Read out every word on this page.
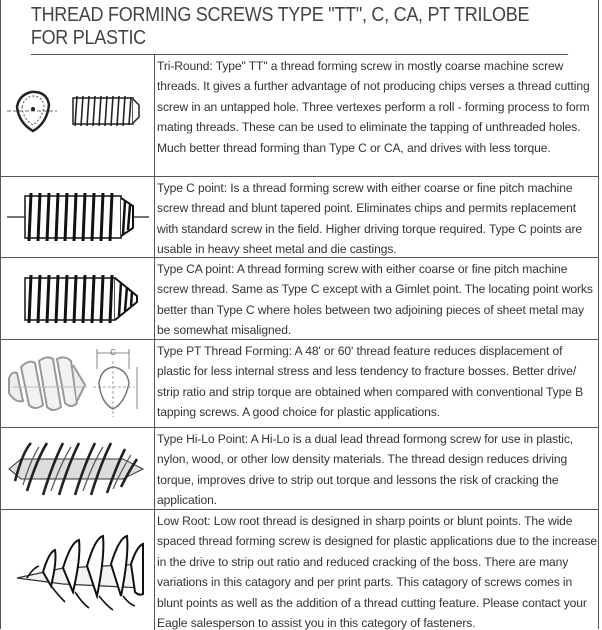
THREAD FORMING SCREWS TYPE "TT", C, CA, PT TRILOBE FOR PLASTIC
Tri-Round: Type" TT" a thread forming screw in mostly coarse machine screw threads. It gives a further advantage of not producing chips verses a thread cutting screw in an untapped hole. Three vertexes perform a roll - forming process to form mating threads. These can be used to eliminate the tapping of unthreaded holes. Much better thread forming than Type C or CA, and drives with less torque.
Type C point: Is a thread forming screw with either coarse or fine pitch machine screw thread and blunt tapered point. Eliminates chips and permits replacement with standard screw in the field. Higher driving torque required. Type C points are usable in heavy sheet metal and die castings.
Type CA point: A thread forming screw with either coarse or fine pitch machine screw thread. Same as Type C except with a Gimlet point. The locating point works better than Type C where holes between two adjoining pieces of sheet metal may be somewhat misaligned.
C	Type PT Thread Forming: A 48' or 60' thread feature reduces displacement of plastic for less internal stress and less tendency to fracture bosses. Better drive/ strip ratio and strip torque are obtained when compared with conventional Type B tapping screws. A good choice for plastic applications.
Type Hi-Lo Point: A Hi-Lo is a dual lead thread formong screw for use in plastic, nylon, wood, or other low density materials. The thread design reduces driving torque, improves drive to strip out torque and lessons the risk of cracking the application.
Low Root: Low root thread is designed in sharp points or blunt points. The wide spaced thread forming screw is designed for plastic applications due to the increase in the drive to strip out ratio and reduced cracking of the boss. There are many variations in this catagory and per print parts. This catagory of screws comes in blunt points as well as the addition of a thread cutting feature. Please contact your Eagle salesperson to assist you in this category of fasteners.
